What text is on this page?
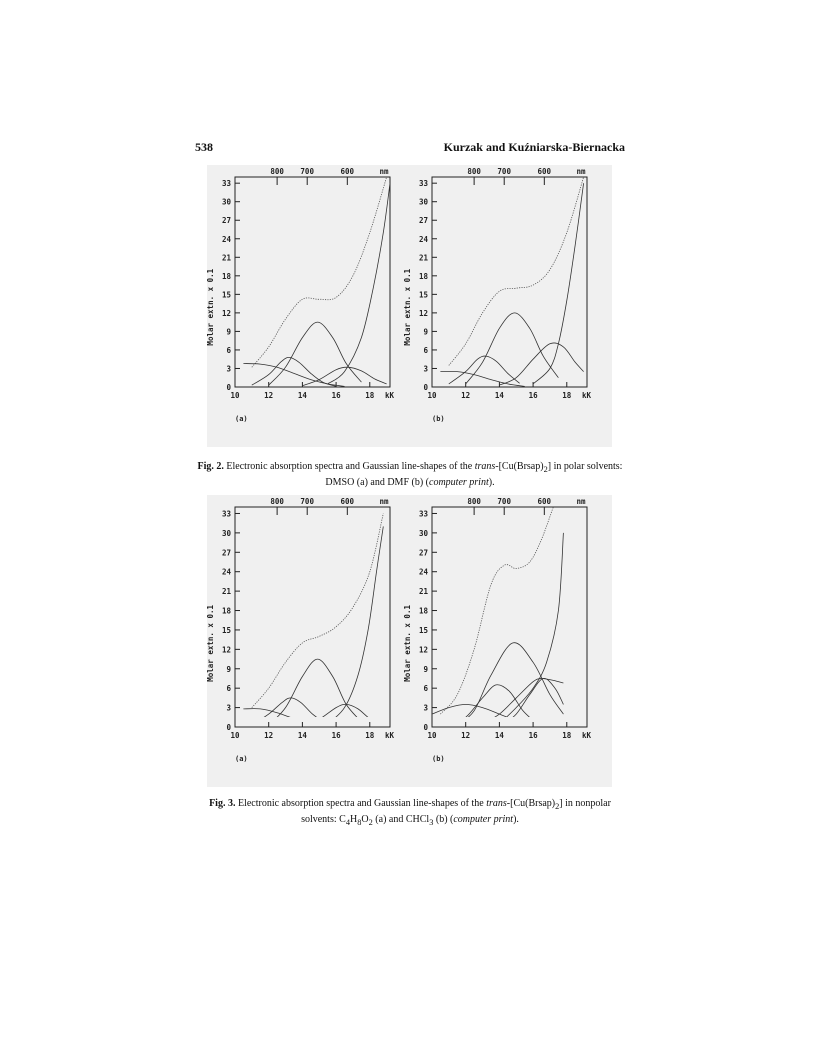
538	Kurzak and Kuźniarska-Biernacka
33
30
27
24
21
18
15
12
9
6
3
0
10	12	14	16	18 kK
800 700	600	nm
Molar extn. x 0.1
(a)
33
30
27
24
21
18
15
12
9
6
3
0
10	12	14	16	18 kK
800 700	600	nm
Molar extn. x 0.1
(b)
Fig. 2. Electronic absorption spectra and Gaussian line-shapes of the trans-$[Cu(Brsap)_2]$ in polar solvents: DMSO (a) and DMF (b) (computer print).
33
30
27
24
21
18
15
12
9
6
3
0
10	12	14	16	18 kK
800 700	600	nm
Molar extn. x 0.1
(a)
33
30
27
24
21
18
15
12
9
6
3
0
10	12	14	16	18 kK
800 700	600	nm
Molar extn. x 0.1
(b)
Fig. 3. Electronic absorption spectra and Gaussian line-shapes of the trans-$[Cu(Brsap)_2]$ in nonpolar solvents: $C_4H_8O_2$ (a) and CHCl$_3$ (b) (computer print).
